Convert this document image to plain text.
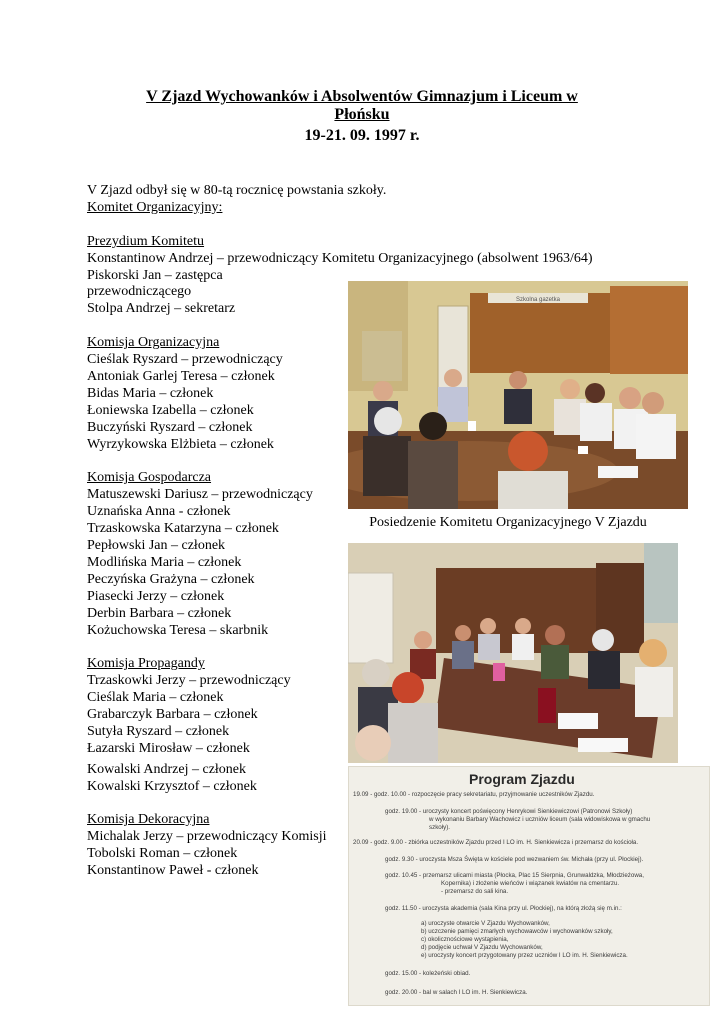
V Zjazd Wychowanków i Absolwentów Gimnazjum i Liceum w
Płońsku
19-21. 09. 1997 r.

V Zjazd odbył się w 80-tą rocznicę powstania szkoły.

Komitet Organizacyjny:

Prezydium Komitetu

Konstantinow Andrzej – przewodniczący Komitetu Organizacyjnego (absolwent 1963/64)

Piskorski Jan – zastępca

przewodniczącego

Stolpa Andrzej – sekretarz

Komisja Organizacyjna

Cieślak Ryszard – przewodniczący

Antoniak Garlej Teresa – członek

Bidas Maria – członek

Łoniewska Izabella – członek

Buczyński Ryszard – członek

Wyrzykowska Elżbieta – członek

Komisja Gospodarcza

Matuszewski Dariusz – przewodniczący

Uznańska Anna - członek

Trzaskowska Katarzyna – członek

Pepłowski Jan – członek

Modlińska Maria – członek

Peczyńska Grażyna – członek

Piasecki Jerzy – członek

Derbin Barbara – członek

Kożuchowska Teresa – skarbnik

Komisja Propagandy

Trzaskowki Jerzy – przewodniczący

Cieślak Maria – członek

Grabarczyk Barbara – członek

Sutyła Ryszard – członek

Łazarski Mirosław – członek

Kowalski Andrzej – członek

Kowalski Krzysztof – członek

Komisja Dekoracyjna

Michalak Jerzy – przewodniczący Komisji

Tobolski Roman – członek

Konstantinow Paweł - członek

Szkolna gazetka
Posiedzenie Komitetu Organizacyjnego V Zjazdu
Program Zjazdu
19.09 - godz. 10.00 - rozpoczęcie pracy sekretariatu, przyjmowanie uczestników Zjazdu.
godz. 19.00 - uroczysty koncert poświęcony Henrykowi Sienkiewiczowi (Patronowi Szkoły)
w wykonaniu Barbary Wachowicz i uczniów liceum (sala widowiskowa w gmachu
szkoły).
20.09 - godz. 9.00 - zbiórka uczestników Zjazdu przed I LO im. H. Sienkiewicza i przemarsz do kościoła.
godz. 9.30 - uroczysta Msza Święta w kościele pod wezwaniem św. Michała (przy ul. Płockiej).
godz. 10.45 - przemarsz ulicami miasta (Płocka, Plac 15 Sierpnia, Grunwaldzka, Młodzieżowa,
Kopernika) i złożenie wieńców i wiązanek kwiatów na cmentarzu.
- przemarsz do sali kina.
godz. 11.50 - uroczysta akademia (sala Kina przy ul. Płockiej), na którą złożą się m.in.:
a) uroczyste otwarcie V Zjazdu Wychowanków,
b) uczczenie pamięci zmarłych wychowawców i wychowanków szkoły,
c) okolicznościowe wystąpienia,
d) podjęcie uchwał V Zjazdu Wychowanków,
e) uroczysty koncert przygotowany przez uczniów I LO im. H. Sienkiewicza.
godz. 15.00 - koleżeński obiad.
godz. 20.00 - bal w salach I LO im. H. Sienkiewicza.
